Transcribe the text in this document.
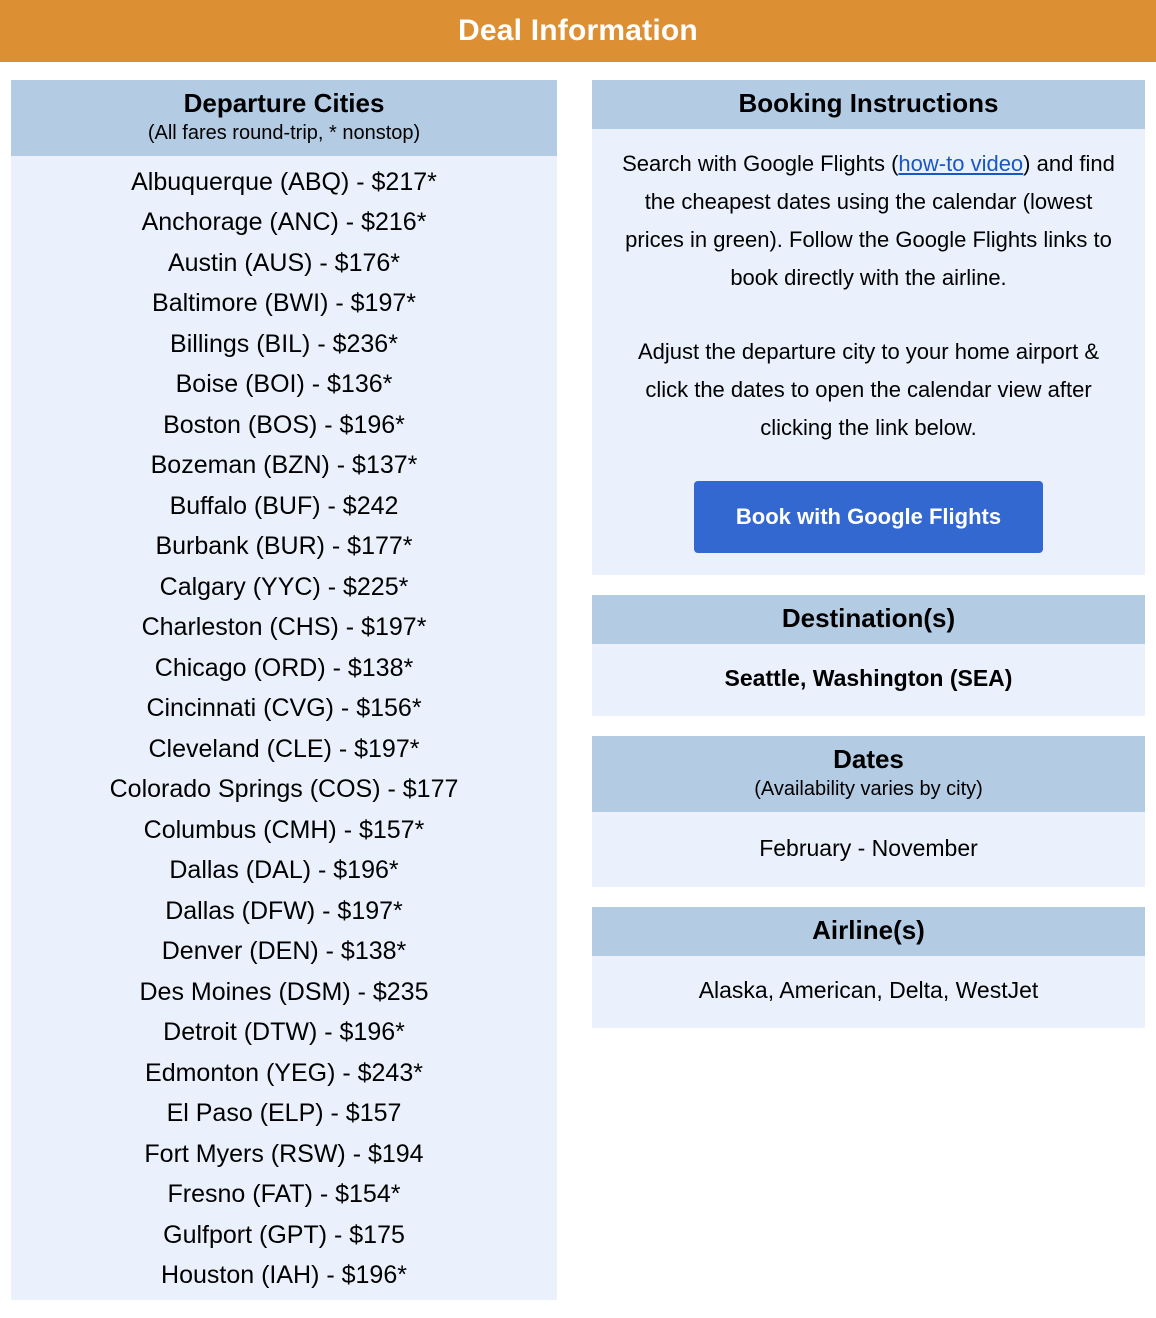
Deal Information
Departure Cities
(All fares round-trip, * nonstop)
Albuquerque (ABQ) - $217*
Anchorage (ANC) - $216*
Austin (AUS) - $176*
Baltimore (BWI) - $197*
Billings (BIL) - $236*
Boise (BOI) - $136*
Boston (BOS) - $196*
Bozeman (BZN) - $137*
Buffalo (BUF) - $242
Burbank (BUR) - $177*
Calgary (YYC) - $225*
Charleston (CHS) - $197*
Chicago (ORD) - $138*
Cincinnati (CVG) - $156*
Cleveland (CLE) - $197*
Colorado Springs (COS) - $177
Columbus (CMH) - $157*
Dallas (DAL) - $196*
Dallas (DFW) - $197*
Denver (DEN) - $138*
Des Moines (DSM) - $235
Detroit (DTW) - $196*
Edmonton (YEG) - $243*
El Paso (ELP) - $157
Fort Myers (RSW) - $194
Fresno (FAT) - $154*
Gulfport (GPT) - $175
Houston (IAH) - $196*
Booking Instructions

Search with Google Flights (how-to video) and find the cheapest dates using the calendar (lowest prices in green). Follow the Google Flights links to book directly with the airline.

Adjust the departure city to your home airport & click the dates to open the calendar view after clicking the link below.

Book with Google Flights
Destination(s)
Seattle, Washington (SEA)
Dates
(Availability varies by city)
February - November
Airline(s)
Alaska, American, Delta, WestJet
